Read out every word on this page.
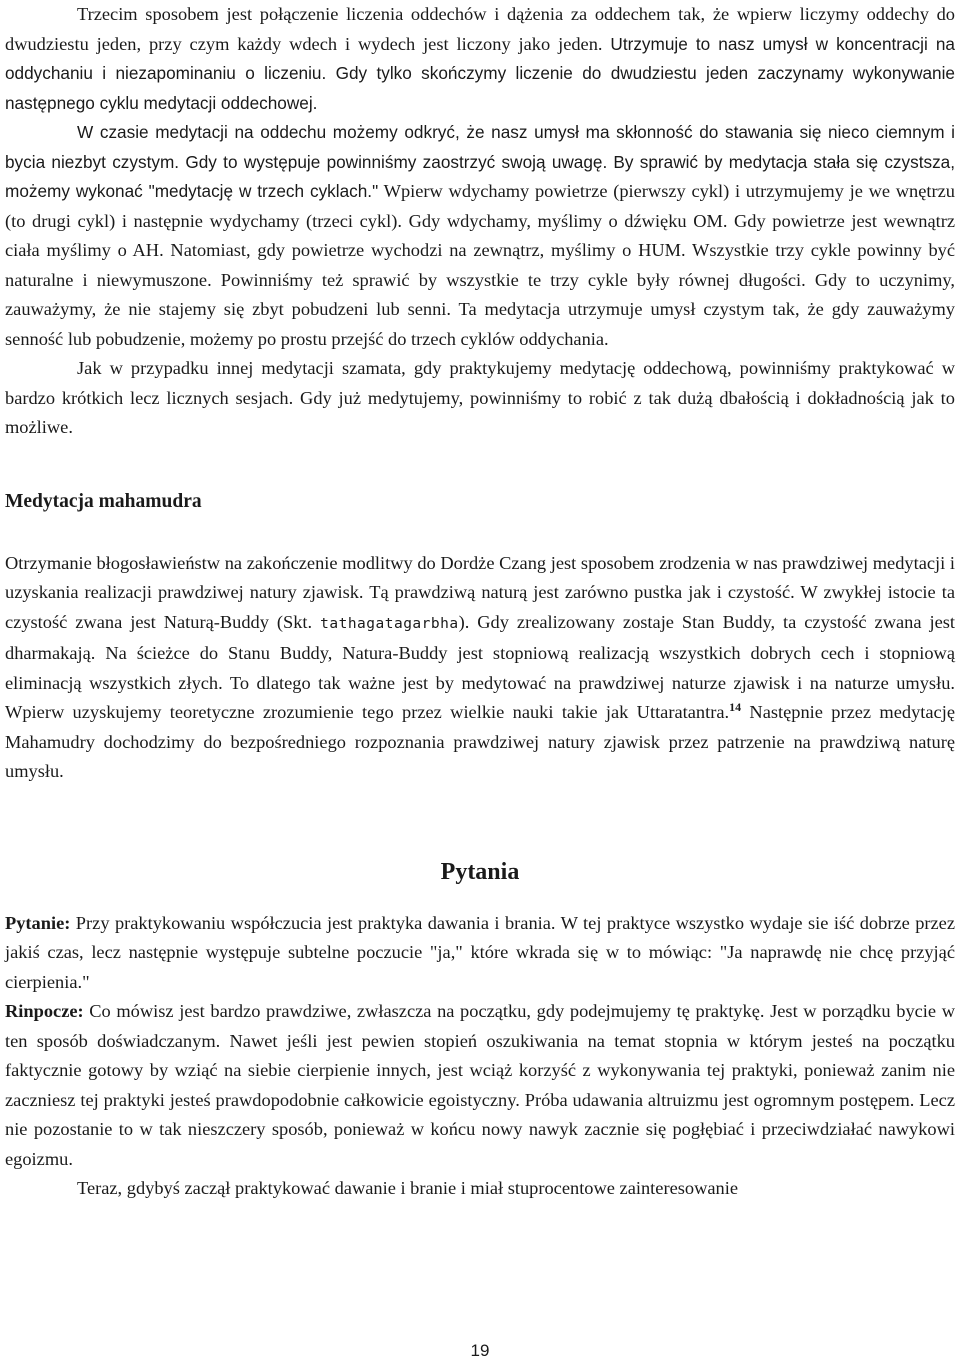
Trzecim sposobem jest połączenie liczenia oddechów i dążenia za oddechem tak, że wpierw liczymy oddechy do dwudziestu jeden, przy czym każdy wdech i wydech jest liczony jako jeden. Utrzymuje to nasz umysł w koncentracji na oddychaniu i niezapominaniu o liczeniu. Gdy tylko skończymy liczenie do dwudziestu jeden zaczynamy wykonywanie następnego cyklu medytacji oddechowej.

W czasie medytacji na oddechu możemy odkryć, że nasz umysł ma skłonność do stawania się nieco ciemnym i bycia niezbyt czystym. Gdy to występuje powinniśmy zaostrzyć swoją uwagę. By sprawić by medytacja stała się czystsza, możemy wykonać "medytację w trzech cyklach." Wpierw wdychamy powietrze (pierwszy cykl) i utrzymujemy je we wnętrzu (to drugi cykl) i następnie wydychamy (trzeci cykl). Gdy wdychamy, myślimy o dźwięku OM. Gdy powietrze jest wewnątrz ciała myślimy o AH. Natomiast, gdy powietrze wychodzi na zewnątrz, myślimy o HUM. Wszystkie trzy cykle powinny być naturalne i niewymuszone. Powinniśmy też sprawić by wszystkie te trzy cykle były równej długości. Gdy to uczynimy, zauważymy, że nie stajemy się zbyt pobudzeni lub senni. Ta medytacja utrzymuje umysł czystym tak, że gdy zauważymy senność lub pobudzenie, możemy po prostu przejść do trzech cyklów oddychania.

Jak w przypadku innej medytacji szamata, gdy praktykujemy medytację oddechową, powinniśmy praktykować w bardzo krótkich lecz licznych sesjach. Gdy już medytujemy, powinniśmy to robić z tak dużą dbałością i dokładnością jak to możliwe.

Medytacja mahamudra

Otrzymanie błogosławieństw na zakończenie modlitwy do Dordże Czang jest sposobem zrodzenia w nas prawdziwej medytacji i uzyskania realizacji prawdziwej natury zjawisk. Tą prawdziwą naturą jest zarówno pustka jak i czystość. W zwykłej istocie ta czystość zwana jest Naturą-Buddy (Skt. tathagatagarbha). Gdy zrealizowany zostaje Stan Buddy, ta czystość zwana jest dharmakają. Na ścieżce do Stanu Buddy, Natura-Buddy jest stopniową realizacją wszystkich dobrych cech i stopniową eliminacją wszystkich złych. To dlatego tak ważne jest by medytować na prawdziwej naturze zjawisk i na naturze umysłu. Wpierw uzyskujemy teoretyczne zrozumienie tego przez wielkie nauki takie jak Uttaratantra.$^{14}$ Następnie przez medytację Mahamudry dochodzimy do bezpośredniego rozpoznania prawdziwej natury zjawisk przez patrzenie na prawdziwą naturę umysłu.

Pytania

Pytanie: Przy praktykowaniu współczucia jest praktyka dawania i brania. W tej praktyce wszystko wydaje sie iść dobrze przez jakiś czas, lecz następnie występuje subtelne poczucie "ja," które wkrada się w to mówiąc: "Ja naprawdę nie chcę przyjąć cierpienia."

Rinpocze: Co mówisz jest bardzo prawdziwe, zwłaszcza na początku, gdy podejmujemy tę praktykę. Jest w porządku bycie w ten sposób doświadczanym. Nawet jeśli jest pewien stopień oszukiwania na temat stopnia w którym jesteś na początku faktycznie gotowy by wziąć na siebie cierpienie innych, jest wciąż korzyść z wykonywania tej praktyki, ponieważ zanim nie zaczniesz tej praktyki jesteś prawdopodobnie całkowicie egoistyczny. Próba udawania altruizmu jest ogromnym postępem. Lecz nie pozostanie to w tak nieszczery sposób, ponieważ w końcu nowy nawyk zacznie się pogłębiać i przeciwdziałać nawykowi egoizmu.

Teraz, gdybyś zaczął praktykować dawanie i branie i miał stuprocentowe zainteresowanie

19
